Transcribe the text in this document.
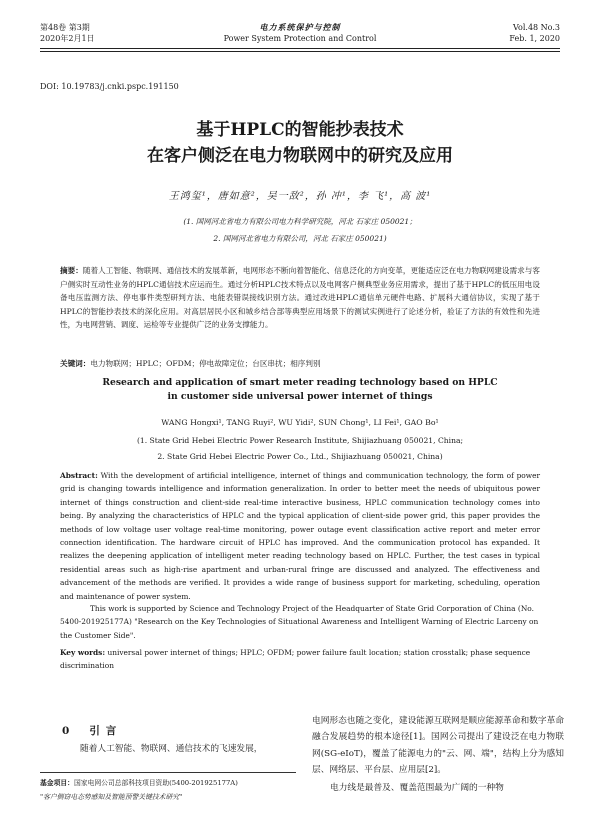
第48卷 第3期
2020年2月1日
电力系统保护与控制
Power System Protection and Control
Vol.48 No.3
Feb. 1, 2020
DOI: 10.19783/j.cnki.pspc.191150
基于HPLC的智能抄表技术
在客户侧泛在电力物联网中的研究及应用
王鸿玺¹，唐如意²，吴一敌²，孙 冲¹，李 飞¹，高 波¹
(1. 国网河北省电力有限公司电力科学研究院，河北 石家庄 050021；
2. 国网河北省电力有限公司，河北 石家庄 050021)
摘要：随着人工智能、物联网、通信技术的发展革新，电网形态不断向着智能化、信息泛化的方向变革，更能适应泛在电力物联网建设需求与客户侧实时互动性业务的HPLC通信技术应运而生。通过分析HPLC技术特点以及电网客户侧典型业务应用需求，提出了基于HPLC的低压用电设备电压监测方法、停电事件类型研判方法、电能表错误接线识别方法。通过改进HPLC通信单元硬件电路、扩展科大通信协议，实现了基于HPLC的智能抄表技术的深化应用。对高层居民小区和城乡结合部等典型应用场景下的测试实例进行了论述分析，验证了方法的有效性和先进性，为电网营销、调度、运检等专业提供广泛的业务支撑能力。
关键词：电力物联网；HPLC；OFDM；停电故障定位；台区串扰；相序判别
Research and application of smart meter reading technology based on HPLC
in customer side universal power internet of things
WANG Hongxi¹, TANG Ruyi², WU Yidi², SUN Chong¹, LI Fei¹, GAO Bo¹
(1. State Grid Hebei Electric Power Research Institute, Shijiazhuang 050021, China;
2. State Grid Hebei Electric Power Co., Ltd., Shijiazhuang 050021, China)
Abstract: With the development of artificial intelligence, internet of things and communication technology, the form of power grid is changing towards intelligence and information generalization. In order to better meet the needs of ubiquitous power internet of things construction and client-side real-time interactive business, HPLC communication technology comes into being. By analyzing the characteristics of HPLC and the typical application of client-side power grid, this paper provides the methods of low voltage user voltage real-time monitoring, power outage event classification active report and meter error connection identification. The hardware circuit of HPLC has improved. And the communication protocol has expanded. It realizes the deepening application of intelligent meter reading technology based on HPLC. Further, the test cases in typical residential areas such as high-rise apartment and urban-rural fringe are discussed and analyzed. The effectiveness and advancement of the methods are verified. It provides a wide range of business support for marketing, scheduling, operation and maintenance of power system.
This work is supported by Science and Technology Project of the Headquarter of State Grid Corporation of China (No. 5400-201925177A) "Research on the Key Technologies of Situational Awareness and Intelligent Warning of Electric Larceny on the Customer Side".
Key words: universal power internet of things; HPLC; OFDM; power failure fault location; station crosstalk; phase sequence discrimination
0 引言
随着人工智能、物联网、通信技术的飞速发展，
基金项目：国家电网公司总部科技项目资助(5400-201925177A)
"客户侧窃电态势感知及智能预警关键技术研究"

电网形态也随之变化，建设能源互联网是顺应能源革命和数字革命融合发展趋势的根本途径[1]。国网公司提出了建设泛在电力物联网(SG-eIoT)，覆盖了能源电力的"云、网、端"，结构上分为感知层、网络层、平台层、应用层[2]。

电力线是最普及、覆盖范围最为广阔的一种物
